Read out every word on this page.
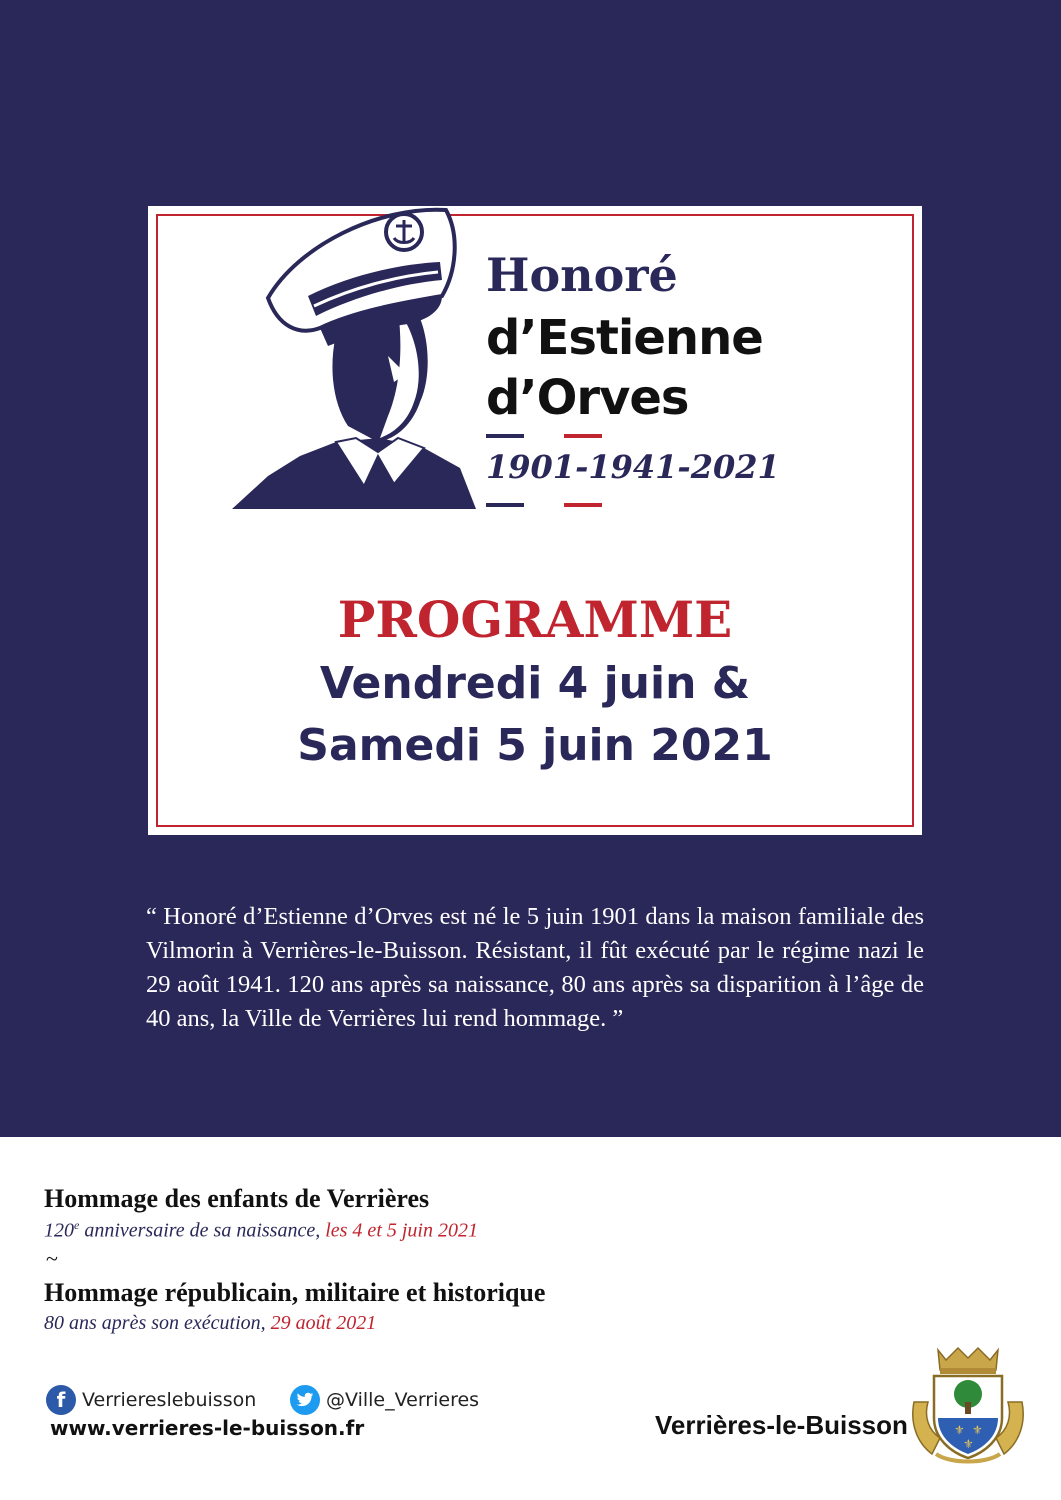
Honoré

d’Estienne

d’Orves

1901-1941-2021

PROGRAMME

Vendredi 4 juin &

Samedi 5 juin 2021

“ Honoré d’Estienne d’Orves est né le 5 juin 1901 dans la maison familiale des Vilmorin à Verrières-le-Buisson. Résistant, il fût exécuté par le régime nazi le 29 août 1941. 120 ans après sa naissance, 80 ans après sa disparition à l’âge de 40 ans, la Ville de Verrières lui rend hommage. ”

Hommage des enfants de Verrières

120e anniversaire de sa naissance, les 4 et 5 juin 2021

~

Hommage républicain, militaire et historique

80 ans après son exécution, 29 août 2021

f Verriereslebuisson	@Ville_Verrieres

www.verrieres-le-buisson.fr	Verrières-le-Buisson	⚜ ⚜
⚜
